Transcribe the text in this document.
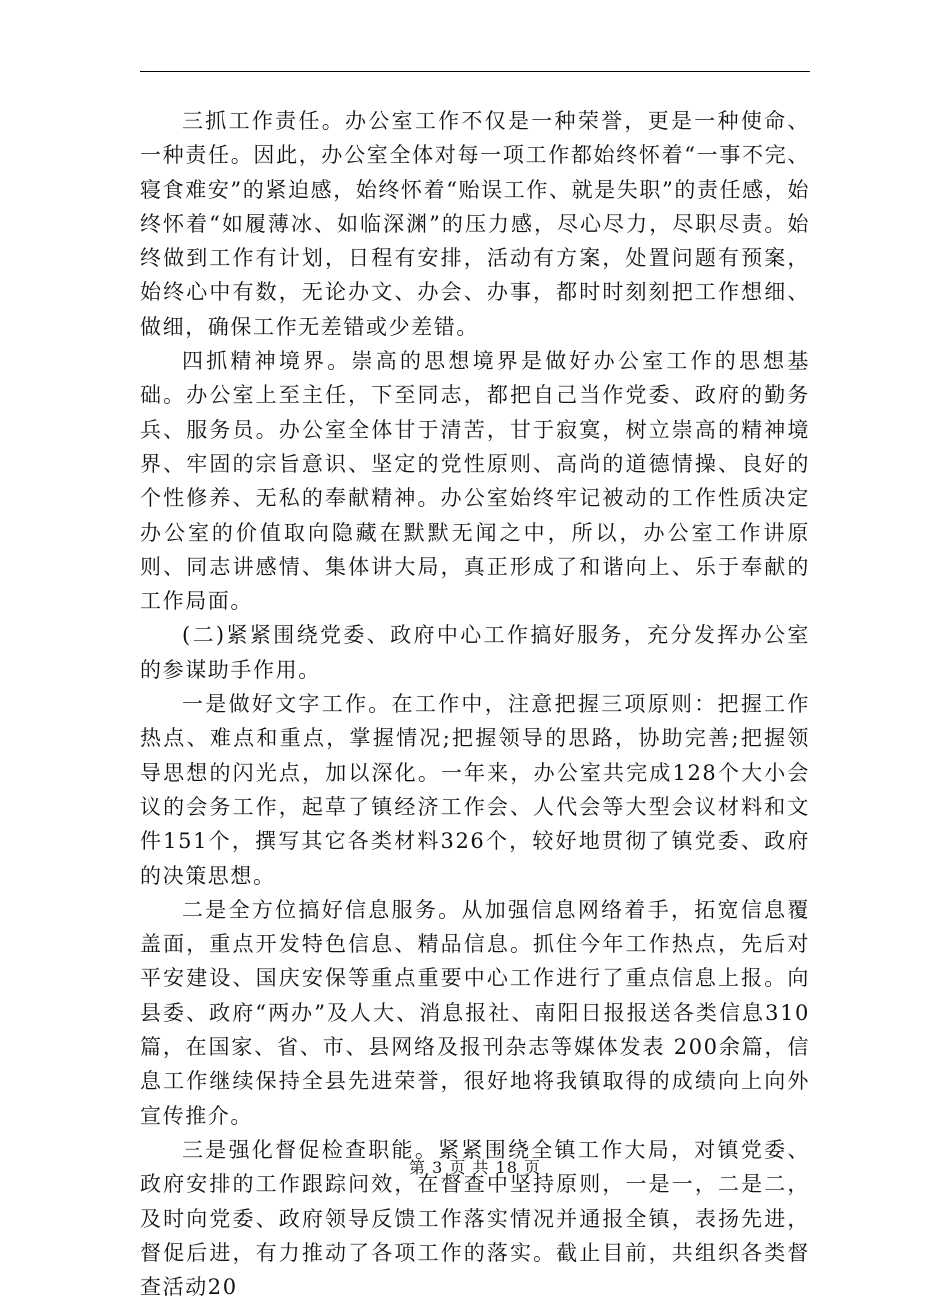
三抓工作责任。办公室工作不仅是一种荣誉，更是一种使命、一种责任。因此，办公室全体对每一项工作都始终怀着“一事不完、寝食难安”的紧迫感，始终怀着“贻误工作、就是失职”的责任感，始终怀着“如履薄冰、如临深渊”的压力感，尽心尽力，尽职尽责。始终做到工作有计划，日程有安排，活动有方案，处置问题有预案，始终心中有数，无论办文、办会、办事，都时时刻刻把工作想细、做细，确保工作无差错或少差错。

四抓精神境界。崇高的思想境界是做好办公室工作的思想基础。办公室上至主任，下至同志，都把自己当作党委、政府的勤务兵、服务员。办公室全体甘于清苦，甘于寂寞，树立崇高的精神境界、牢固的宗旨意识、坚定的党性原则、高尚的道德情操、良好的个性修养、无私的奉献精神。办公室始终牢记被动的工作性质决定办公室的价值取向隐藏在默默无闻之中，所以，办公室工作讲原则、同志讲感情、集体讲大局，真正形成了和谐向上、乐于奉献的工作局面。

(二)紧紧围绕党委、政府中心工作搞好服务，充分发挥办公室的参谋助手作用。

一是做好文字工作。在工作中，注意把握三项原则：把握工作热点、难点和重点，掌握情况;把握领导的思路，协助完善;把握领导思想的闪光点，加以深化。一年来，办公室共完成128个大小会议的会务工作，起草了镇经济工作会、人代会等大型会议材料和文件151个，撰写其它各类材料326个，较好地贯彻了镇党委、政府的决策思想。

二是全方位搞好信息服务。从加强信息网络着手，拓宽信息覆盖面，重点开发特色信息、精品信息。抓住今年工作热点，先后对平安建设、国庆安保等重点重要中心工作进行了重点信息上报。向县委、政府“两办”及人大、消息报社、南阳日报报送各类信息310篇，在国家、省、市、县网络及报刊杂志等媒体发表 200余篇，信息工作继续保持全县先进荣誉，很好地将我镇取得的成绩向上向外宣传推介。

三是强化督促检查职能。紧紧围绕全镇工作大局，对镇党委、政府安排的工作跟踪问效，在督查中坚持原则，一是一，二是二，及时向党委、政府领导反馈工作落实情况并通报全镇，表扬先进，督促后进，有力推动了各项工作的落实。截止目前，共组织各类督查活动20

第 3 页 共 18 页
